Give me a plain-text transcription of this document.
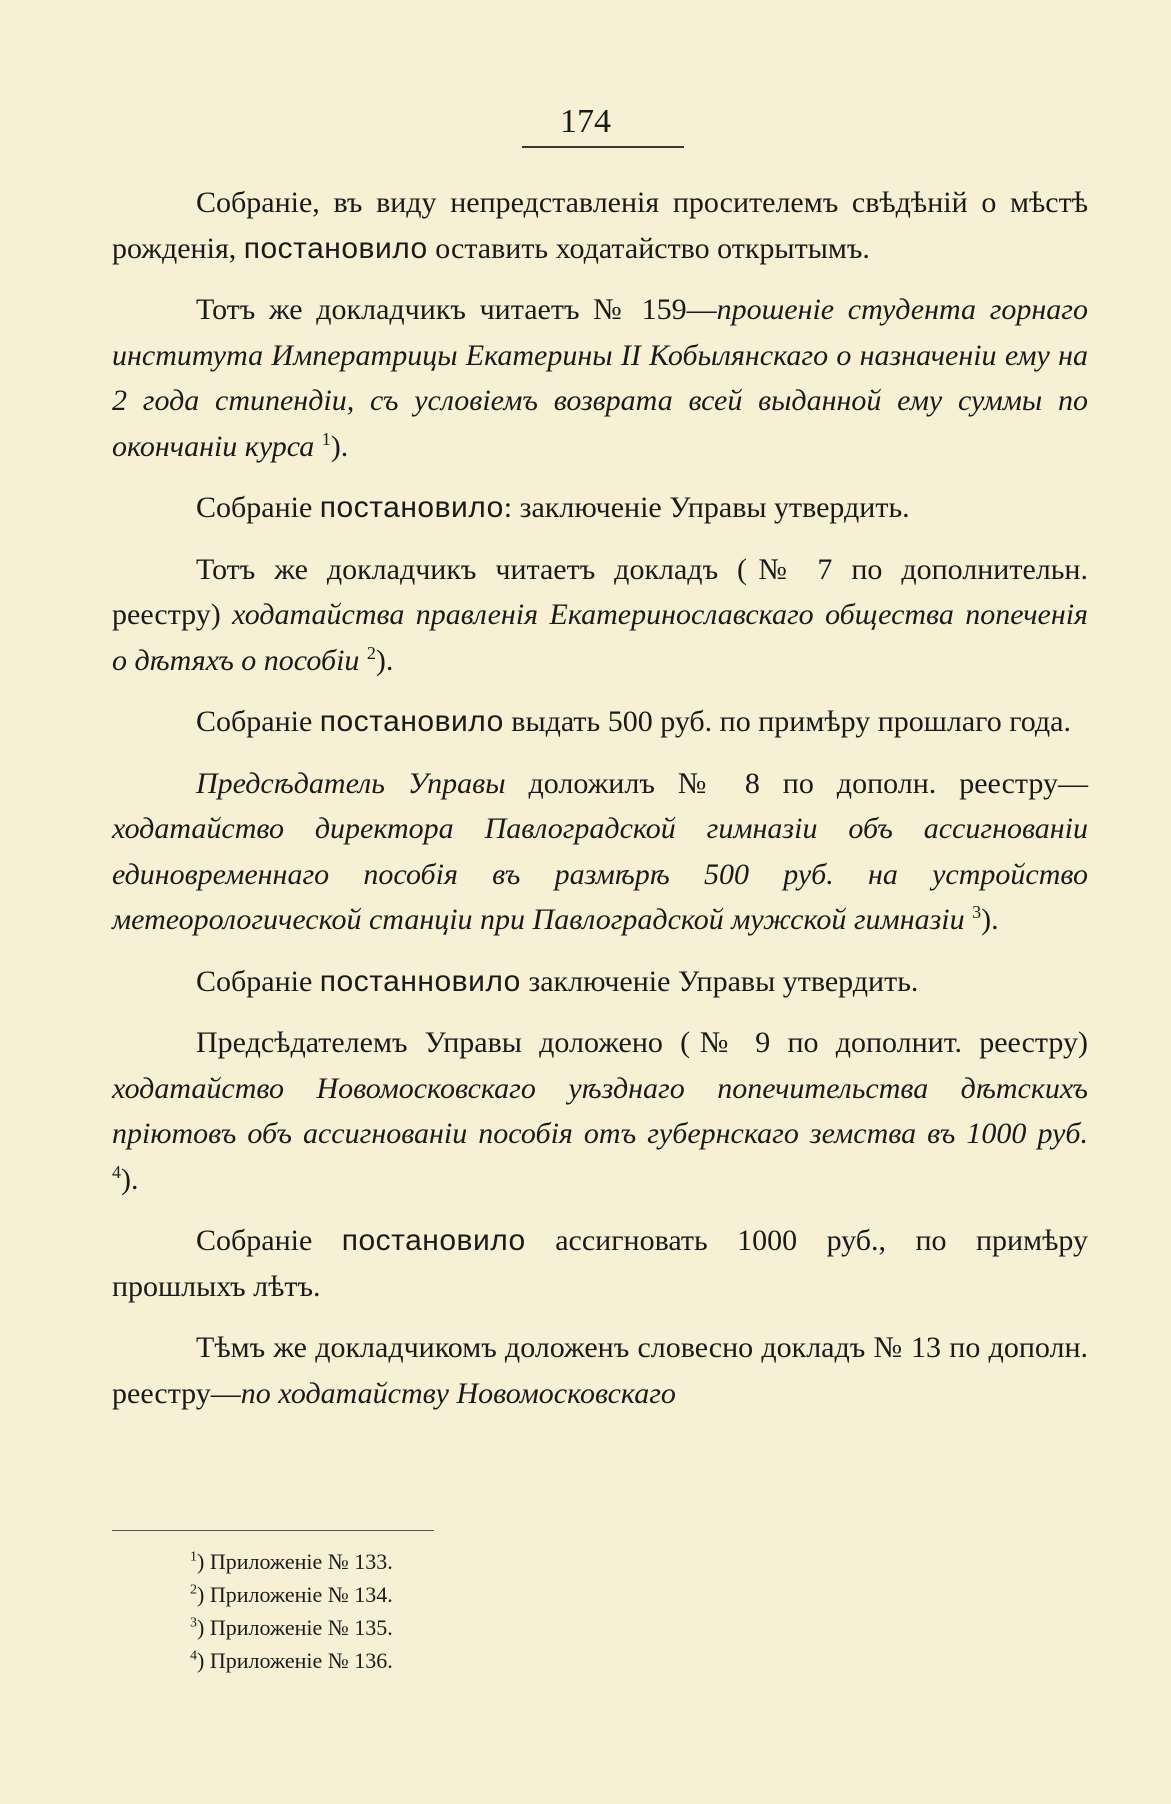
174

Собраніе, въ виду непредставленія просителемъ свѣдѣній о мѣстѣ рожденія, постановило оставить ходатайство открытымъ.

Тотъ же докладчикъ читаетъ № 159—прошеніе студента горнаго института Императрицы Екатерины II Кобылянскаго о назначеніи ему на 2 года стипендіи, съ условіемъ возврата всей выданной ему суммы по окончаніи курса $^1$).

Собраніе постановило: заключеніе Управы утвердить.

Тотъ же докладчикъ читаетъ докладъ (№ 7 по дополнительн. реестру) ходатайства правленія Екатеринославскаго общества попеченія о дѣтяхъ о пособіи $^2$).

Собраніе постановило выдать 500 руб. по примѣру прошлаго года.

Предсѣдатель Управы доложилъ № 8 по дополн. реестру—ходатайство директора Павлоградской гимназіи объ ассигнованіи единовременнаго пособія въ размѣрѣ 500 руб. на устройство метеорологической станціи при Павлоградской мужской гимназіи $^3$).

Собраніе постанновило заключеніе Управы утвердить.

Предсѣдателемъ Управы доложено (№ 9 по дополнит. реестру) ходатайство Новомосковскаго уѣзднаго попечительства дѣтскихъ пріютовъ объ ассигнованіи пособія отъ губернскаго земства въ 1000 руб. $^4$).

Собраніе постановило ассигновать 1000 руб., по примѣру прошлыхъ лѣтъ.

Тѣмъ же докладчикомъ доложенъ словесно докладъ № 13 по дополн. реестру—по ходатайству Новомосковскаго

$^1$) Приложеніе № 133.
$^2$) Приложеніе № 134.
$^3$) Приложеніе № 135.
$^4$) Приложеніе № 136.
